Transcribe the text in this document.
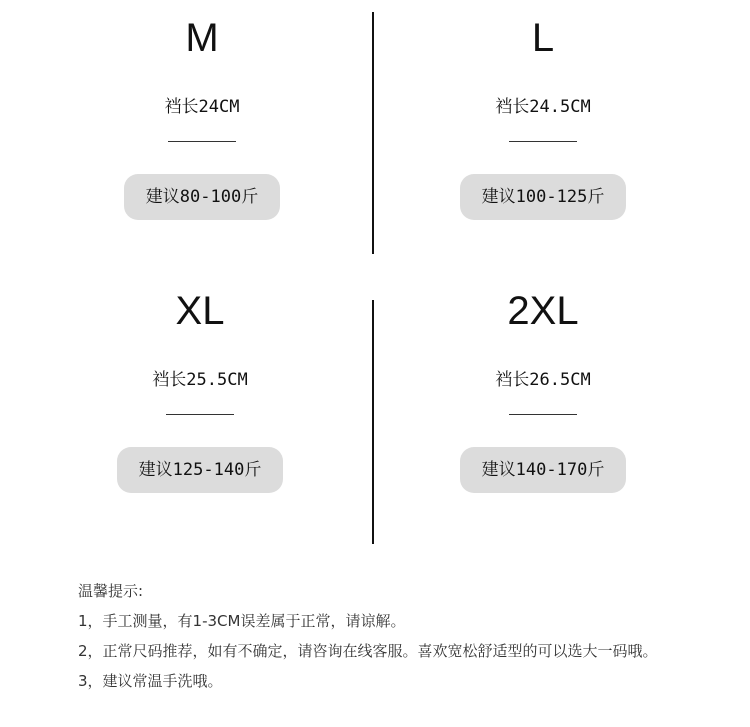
M
裆长24CM
建议80-100斤
L
裆长24.5CM
建议100-125斤
XL
裆长25.5CM
建议125-140斤
2XL
裆长26.5CM
建议140-170斤
温馨提示:
1，手工测量，有1-3CM误差属于正常，请谅解。
2，正常尺码推荐，如有不确定，请咨询在线客服。喜欢宽松舒适型的可以选大一码哦。
3，建议常温手洗哦。
